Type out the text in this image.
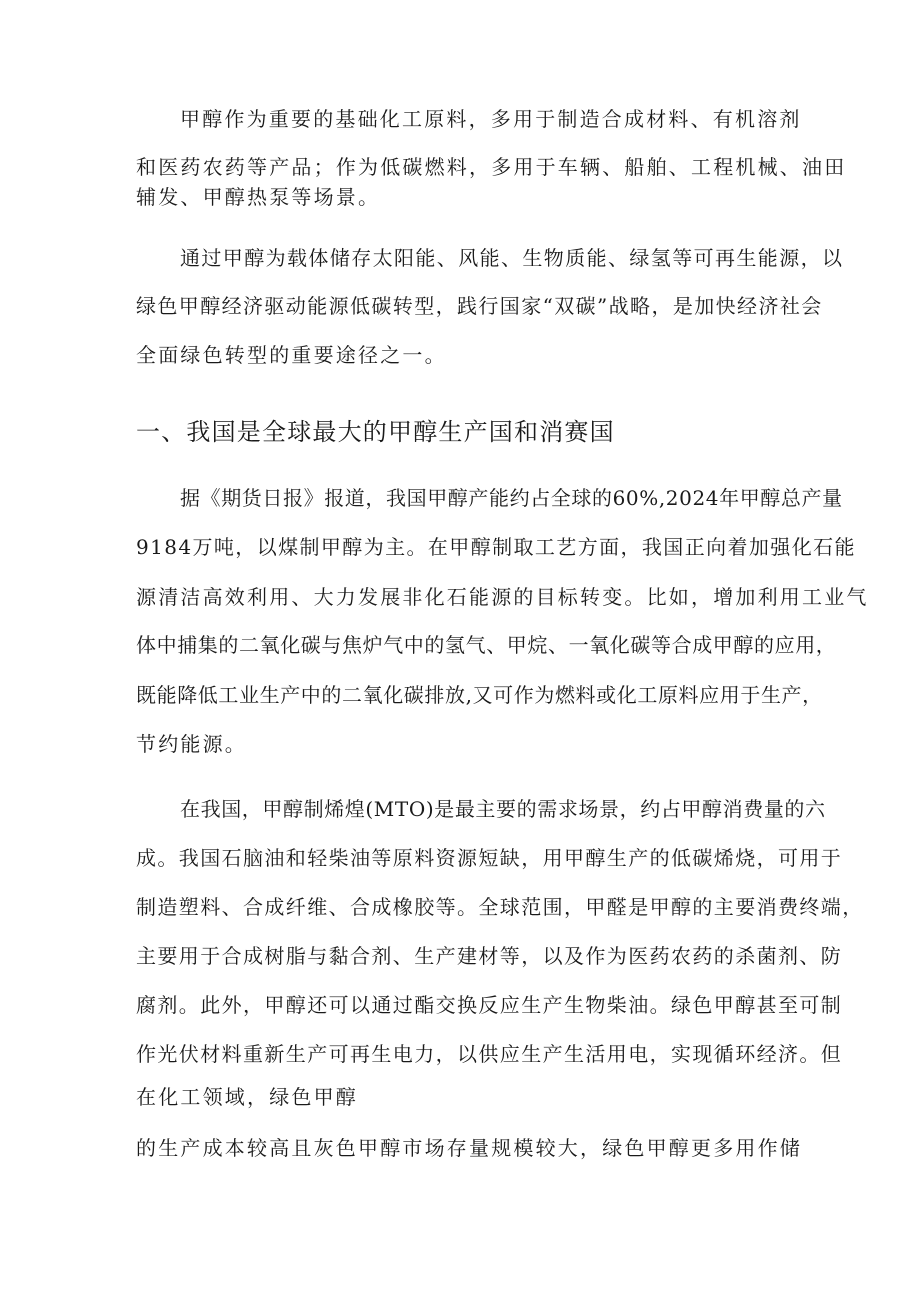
甲醇作为重要的基础化工原料，多用于制造合成材料、有机溶剂
和医药农药等产品；作为低碳燃料，多用于车辆、船舶、工程机械、油田
辅发、甲醇热泵等场景。
通过甲醇为载体储存太阳能、风能、生物质能、绿氢等可再生能源，以
绿色甲醇经济驱动能源低碳转型，践行国家“双碳”战略，是加快经济社会
全面绿色转型的重要途径之一。
一、我国是全球最大的甲醇生产国和消赛国
据《期货日报》报道，我国甲醇产能约占全球的60%,2024年甲醇总产量
9184万吨，以煤制甲醇为主。在甲醇制取工艺方面，我国正向着加强化石能
源清洁高效利用、大力发展非化石能源的目标转变。比如，增加利用工业气
体中捕集的二氧化碳与焦炉气中的氢气、甲烷、一氧化碳等合成甲醇的应用，
既能降低工业生产中的二氧化碳排放,又可作为燃料或化工原料应用于生产，
节约能源。
在我国，甲醇制烯煌(MTO)是最主要的需求场景，约占甲醇消费量的六
成。我国石脑油和轻柴油等原料资源短缺，用甲醇生产的低碳烯烧，可用于
制造塑料、合成纤维、合成橡胶等。全球范围，甲醛是甲醇的主要消费终端，
主要用于合成树脂与黏合剂、生产建材等，以及作为医药农药的杀菌剂、防
腐剂。此外，甲醇还可以通过酯交换反应生产生物柴油。绿色甲醇甚至可制
作光伏材料重新生产可再生电力，以供应生产生活用电，实现循环经济。但
在化工领域，绿色甲醇
的生产成本较高且灰色甲醇市场存量规模较大，绿色甲醇更多用作储
